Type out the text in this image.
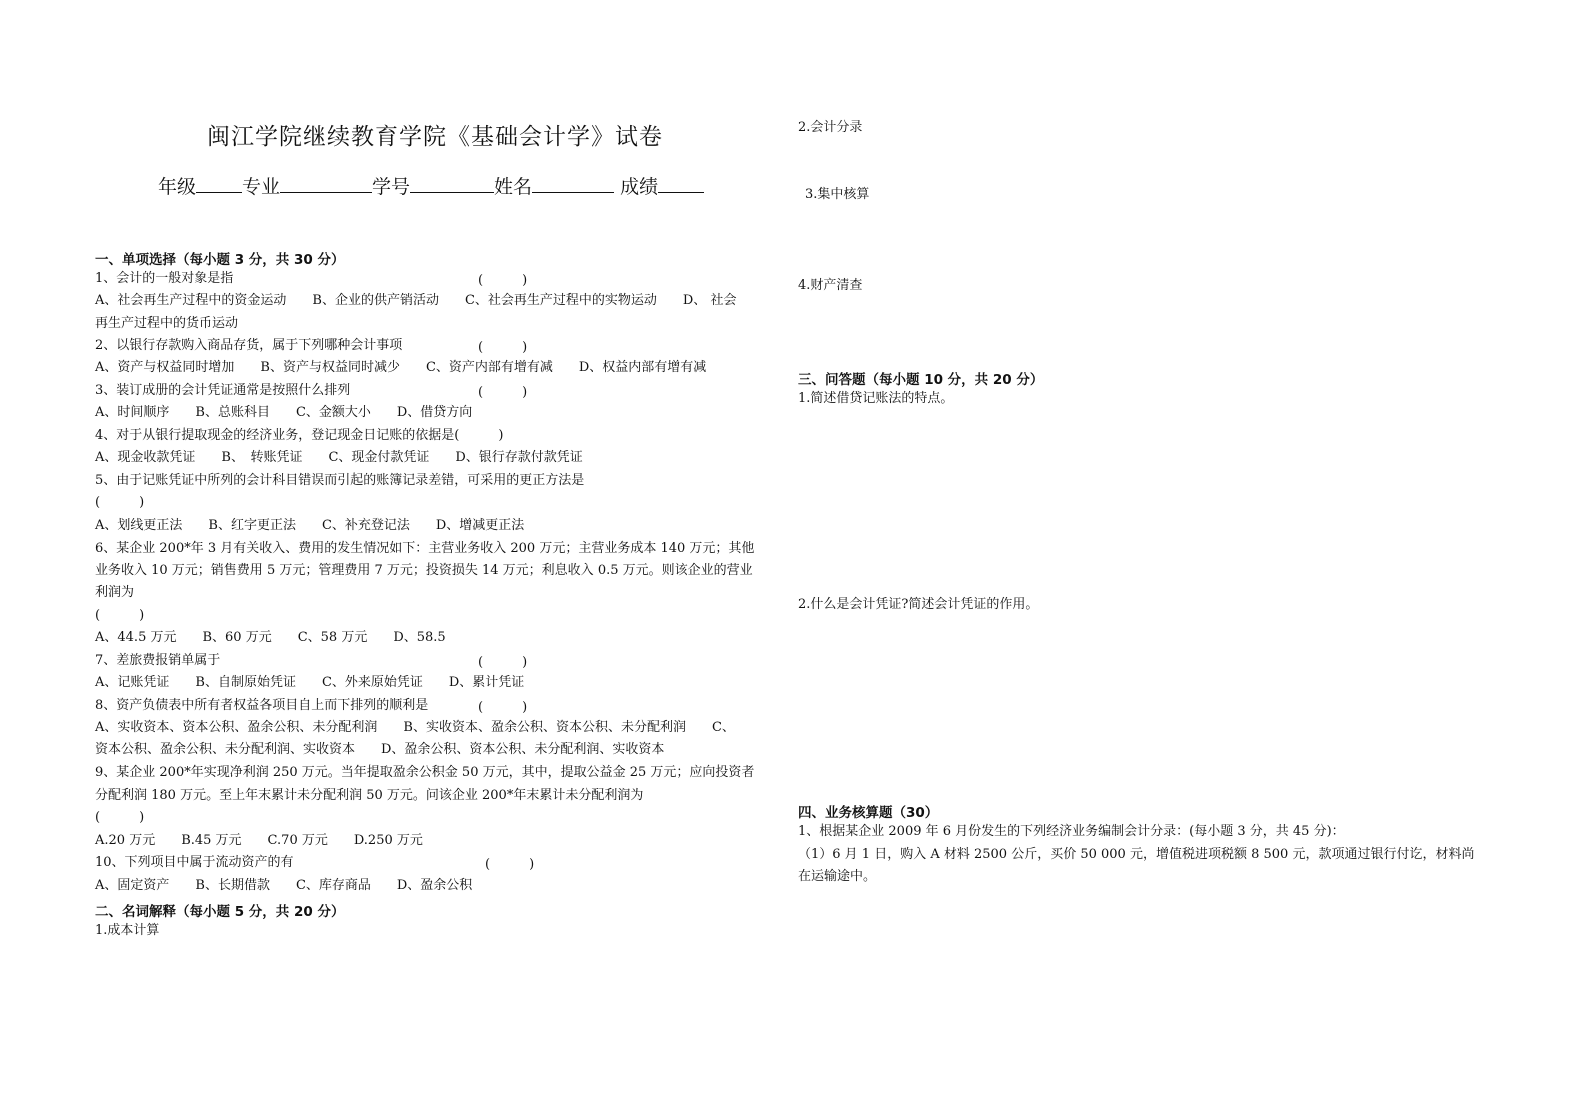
闽江学院继续教育学院《基础会计学》试卷
年级 专业	学号	姓名	成绩
一、单项选择（每小题 3 分，共 30 分）
1、会计的一般对象是指	(　　　)
A、社会再生产过程中的资金运动　　B、企业的供产销活动　　C、社会再生产过程中的实物运动　　D、 社会
再生产过程中的货币运动
2、以银行存款购入商品存货，属于下列哪种会计事项	(　　　)
A、资产与权益同时增加　　B、资产与权益同时减少　　C、资产内部有增有减　　D、权益内部有增有减
3、装订成册的会计凭证通常是按照什么排列	(　　　)
A、时间顺序　　B、总账科目　　C、金额大小　　D、借贷方向
4、对于从银行提取现金的经济业务，登记现金日记账的依据是(　　　)
A、现金收款凭证　　B、　转账凭证　　C、现金付款凭证　　D、银行存款付款凭证
5、由于记账凭证中所列的会计科目错误而引起的账簿记录差错，可采用的更正方法是
(　　　)
A、划线更正法　　B、红字更正法　　C、补充登记法　　D、增减更正法
6、某企业 200*年 3 月有关收入、费用的发生情况如下：主营业务收入 200 万元；主营业务成本 140 万元；其他
业务收入 10 万元；销售费用 5 万元；管理费用 7 万元；投资损失 14 万元；利息收入 0.5 万元。则该企业的营业
利润为
(　　　)
A、44.5 万元　　B、60 万元　　C、58 万元　　D、58.5
7、差旅费报销单属于	(　　　)
A、记账凭证　　B、自制原始凭证　　C、外来原始凭证　　D、累计凭证
8、资产负债表中所有者权益各项目自上而下排列的顺利是	(　　　)
A、实收资本、资本公积、盈余公积、未分配利润　　B、实收资本、盈余公积、资本公积、未分配利润　　C、
资本公积、盈余公积、未分配利润、实收资本　　D、盈余公积、资本公积、未分配利润、实收资本
9、某企业 200*年实现净利润 250 万元。当年提取盈余公积金 50 万元，其中，提取公益金 25 万元；应向投资者
分配利润 180 万元。至上年末累计未分配利润 50 万元。问该企业 200*年末累计未分配利润为
(　　　)
A.20 万元　　B.45 万元　　C.70 万元　　D.250 万元
10、下列项目中属于流动资产的有	(　　　)
A、固定资产　　B、长期借款　　C、库存商品　　D、盈余公积
二、名词解释（每小题 5 分，共 20 分）
1.成本计算
2.会计分录
3.集中核算
4.财产清查
三、问答题（每小题 10 分，共 20 分）
1.简述借贷记账法的特点。
2.什么是会计凭证?简述会计凭证的作用。
四、业务核算题（30）
1、根据某企业 2009 年 6 月份发生的下列经济业务编制会计分录：(每小题 3 分，共 45 分)：
（1）6 月 1 日，购入 A 材料 2500 公斤，买价 50 000 元，增值税进项税额 8 500 元，款项通过银行付讫，材料尚
在运输途中。
